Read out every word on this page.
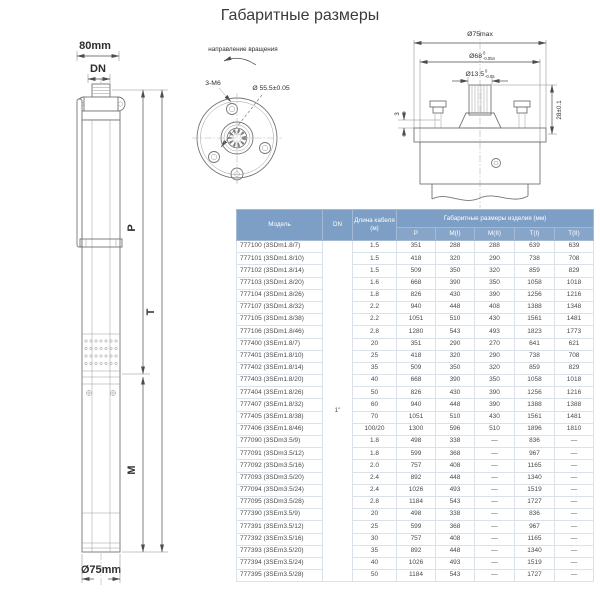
Габаритные размеры
80mm
DN
Ø75mm
P
M
T
направление вращения
3-M6
Ø 55.5±0.05
Ø75max
Ø68 0
-0.054
Ø13.5 0
-0.05
3	28±0.1
Модель	DN	Длина кабеля (м)	Габаритные размеры изделия (мм)				
			P	M(I)	M(II)	T(I)	T(II)
777100 (3SDm1.8/7)	1"	1.5	351	288	288	639	639
777101 (3SDm1.8/10)		1.5	418	320	290	738	708
777102 (3SDm1.8/14)		1.5	509	350	320	859	829
777103 (3SDm1.8/20)		1.6	668	390	350	1058	1018
777104 (3SDm1.8/26)		1.8	826	430	390	1256	1216
777107 (3SDm1.8/32)		2.2	940	448	408	1388	1348
777105 (3SDm1.8/38)		2.2	1051	510	430	1561	1481
777106 (3SDm1.8/46)		2.8	1280	543	493	1823	1773
777400 (3SEm1.8/7)		20	351	290	270	641	621
777401 (3SEm1.8/10)		25	418	320	290	738	708
777402 (3SEm1.8/14)		35	509	350	320	859	829
777403 (3SEm1.8/20)		40	668	390	350	1058	1018
777404 (3SEm1.8/26)		50	826	430	390	1256	1216
777407 (3SEm1.8/32)		60	940	448	390	1388	1388
777405 (3SEm1.8/38)		70	1051	510	430	1561	1481
777406 (3SEm1.8/46)		100/20	1300	596	510	1896	1810
777090 (3SDm3.5/9)		1.8	498	338	—	836	—
777091 (3SDm3.5/12)		1.8	599	368	—	967	—
777092 (3SDm3.5/16)		2.0	757	408	—	1165	—
777093 (3SDm3.5/20)		2.4	892	448	—	1340	—
777094 (3SDm3.5/24)		2.4	1026	493	—	1519	—
777095 (3SDm3.5/28)		2.8	1184	543	—	1727	—
777390 (3SEm3.5/9)		20	498	338	—	836	—
777391 (3SEm3.5/12)		25	599	368	—	967	—
777392 (3SEm3.5/16)		30	757	408	—	1165	—
777393 (3SEm3.5/20)		35	892	448	—	1340	—
777394 (3SEm3.5/24)		40	1026	493	—	1519	—
777395 (3SEm3.5/28)		50	1184	543	—	1727	—
